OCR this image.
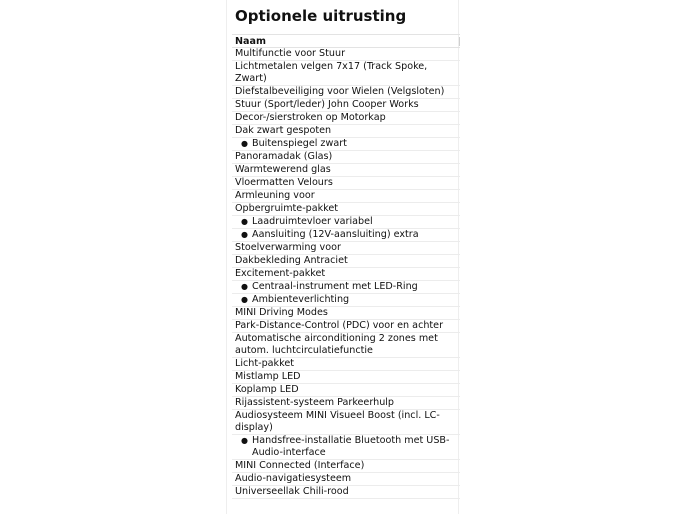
Optionele uitrusting
Naam
Multifunctie voor Stuur
Lichtmetalen velgen 7x17 (Track Spoke, Zwart)
Diefstalbeveiliging voor Wielen (Velgsloten)
Stuur (Sport/leder) John Cooper Works
Decor-/sierstroken op Motorkap
Dak zwart gespoten
● Buitenspiegel zwart
Panoramadak (Glas)
Warmtewerend glas
Vloermatten Velours
Armleuning voor
Opbergruimte-pakket
● Laadruimtevloer variabel
● Aansluiting (12V-aansluiting) extra
Stoelverwarming voor
Dakbekleding Antraciet
Excitement-pakket
● Centraal-instrument met LED-Ring
● Ambienteverlichting
MINI Driving Modes
Park-Distance-Control (PDC) voor en achter
Automatische airconditioning 2 zones met autom. luchtcirculatiefunctie
Licht-pakket
Mistlamp LED
Koplamp LED
Rijassistent-systeem Parkeerhulp
Audiosysteem MINI Visueel Boost (incl. LC-display)
● Handsfree-installatie Bluetooth met USB-Audio-interface
MINI Connected (Interface)
Audio-navigatiesysteem
Universeellak Chili-rood
